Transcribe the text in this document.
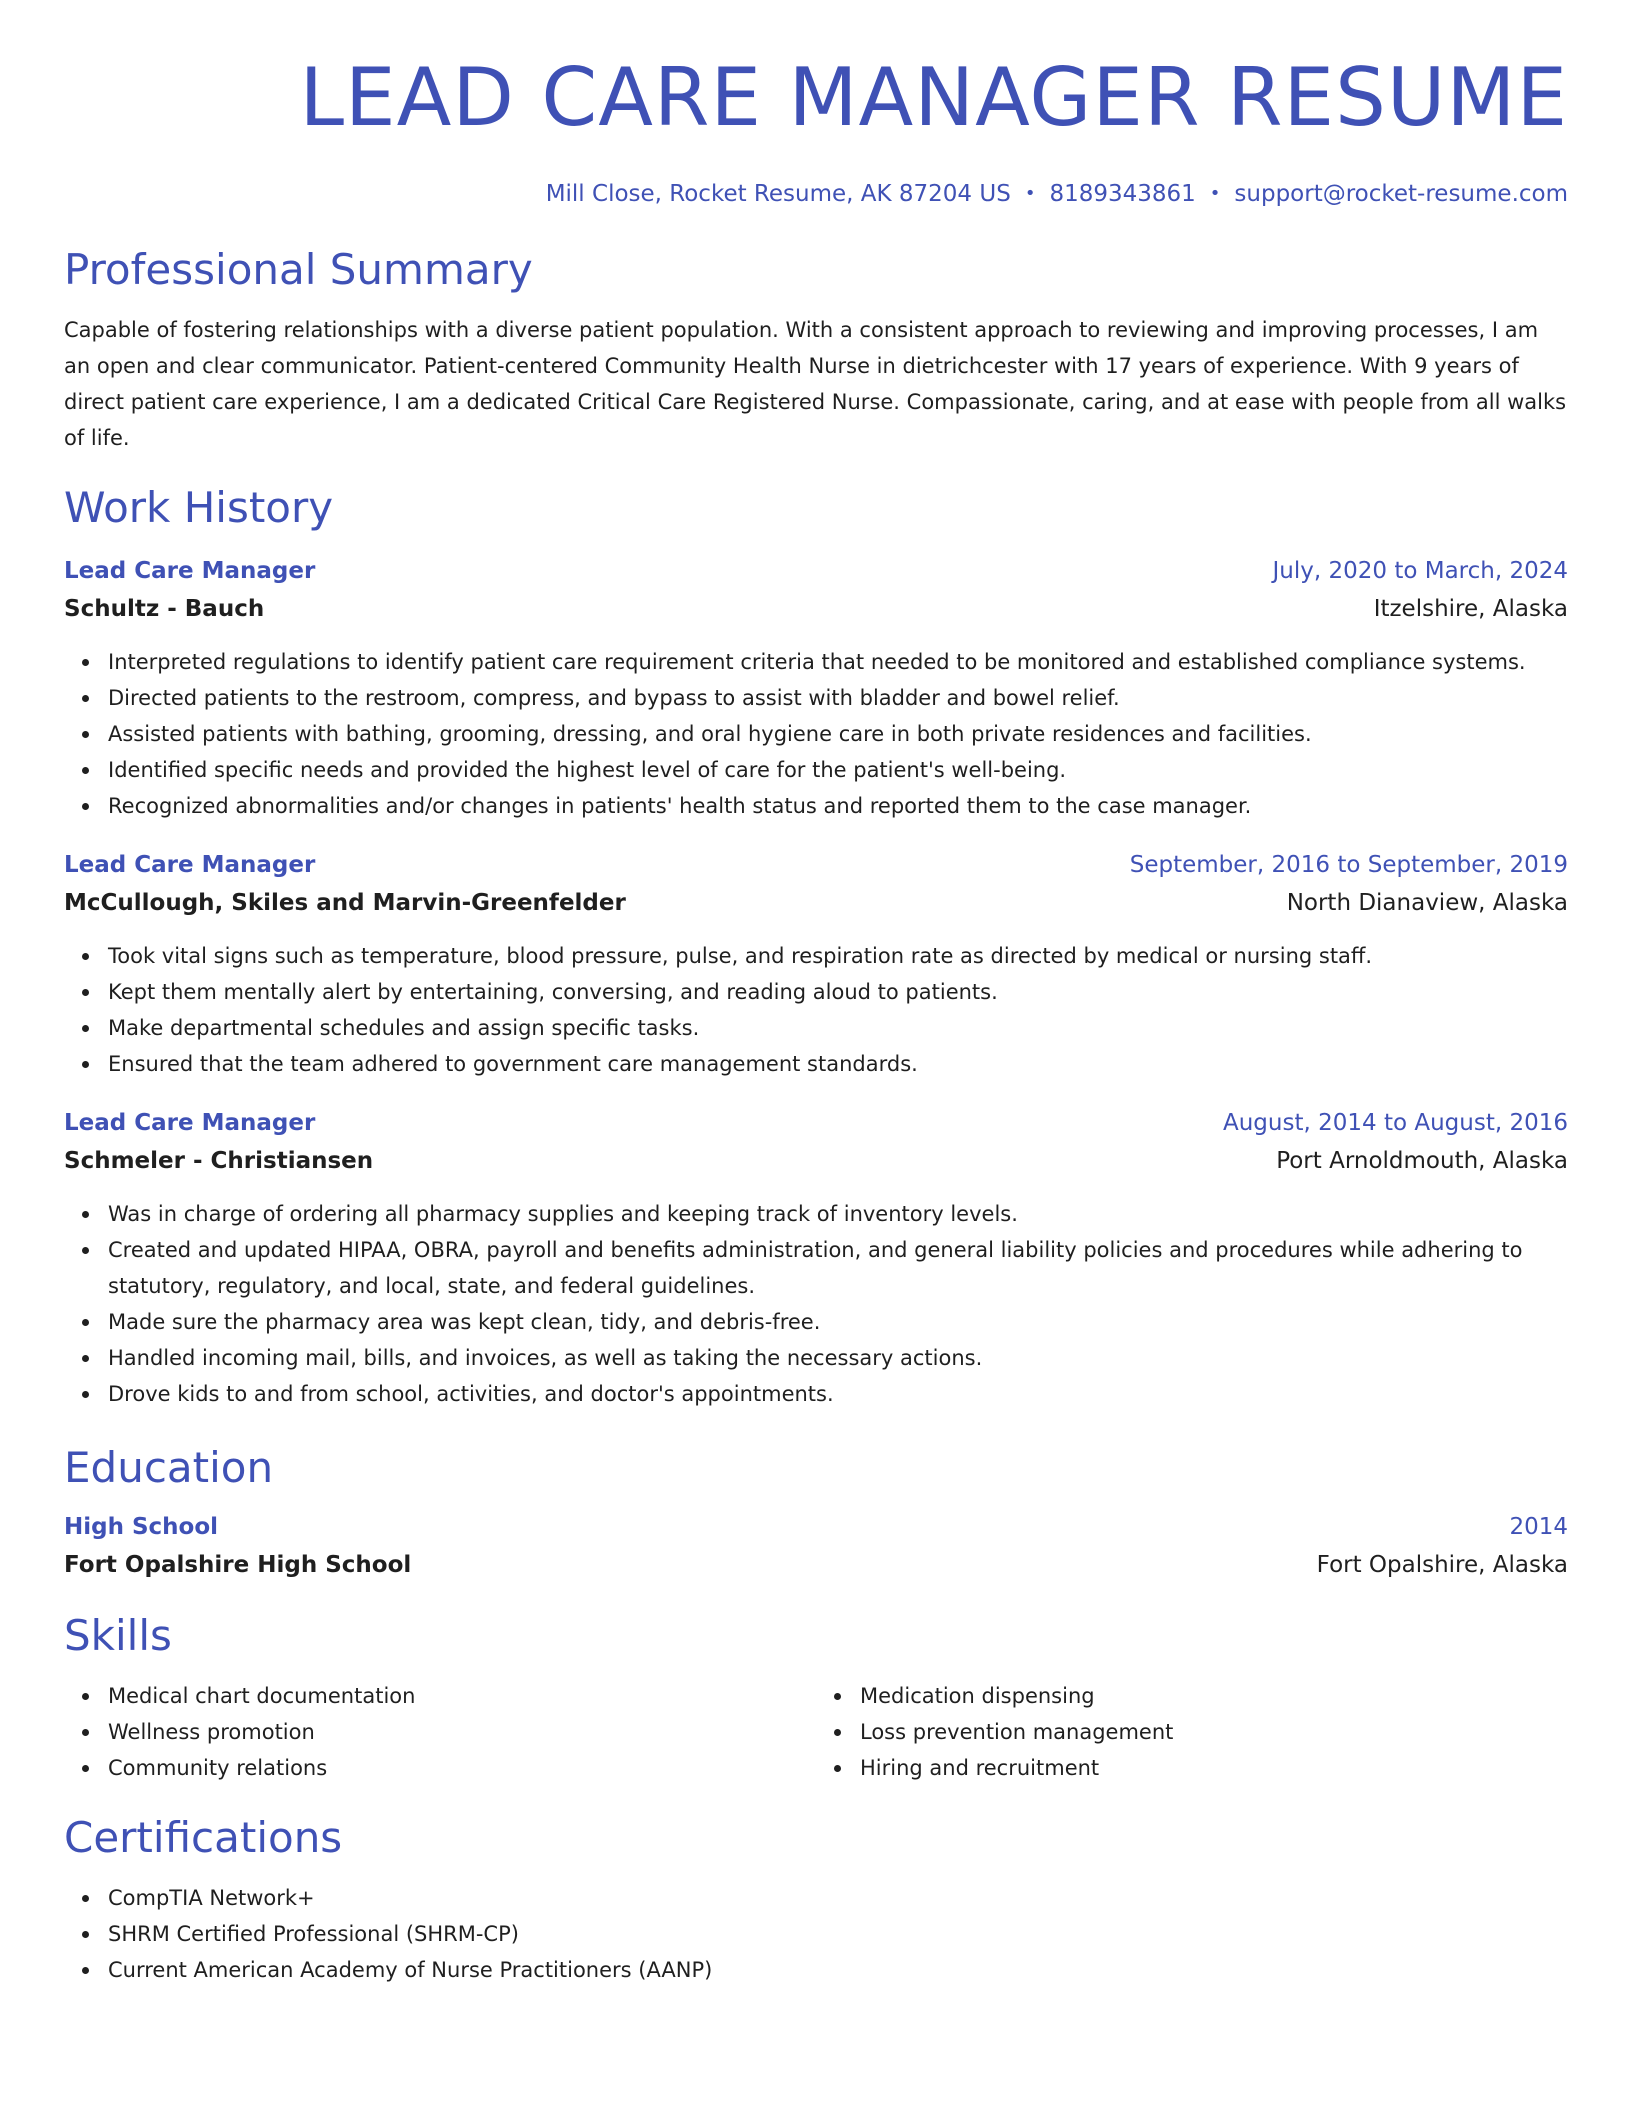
LEAD CARE MANAGER RESUME
Mill Close, Rocket Resume, AK 87204 US • 8189343861 • support@rocket-resume.com
Professional Summary
Capable of fostering relationships with a diverse patient population. With a consistent approach to reviewing and improving processes, I am an open and clear communicator. Patient-centered Community Health Nurse in dietrichcester with 17 years of experience. With 9 years of direct patient care experience, I am a dedicated Critical Care Registered Nurse. Compassionate, caring, and at ease with people from all walks of life.
Work History
Lead Care Manager	July, 2020 to March, 2024
Schultz - Bauch	Itzelshire, Alaska
Interpreted regulations to identify patient care requirement criteria that needed to be monitored and established compliance systems.
Directed patients to the restroom, compress, and bypass to assist with bladder and bowel relief.
Assisted patients with bathing, grooming, dressing, and oral hygiene care in both private residences and facilities.
Identified specific needs and provided the highest level of care for the patient's well-being.
Recognized abnormalities and/or changes in patients' health status and reported them to the case manager.
Lead Care Manager	September, 2016 to September, 2019
McCullough, Skiles and Marvin-Greenfelder	North Dianaview, Alaska
Took vital signs such as temperature, blood pressure, pulse, and respiration rate as directed by medical or nursing staff.
Kept them mentally alert by entertaining, conversing, and reading aloud to patients.
Make departmental schedules and assign specific tasks.
Ensured that the team adhered to government care management standards.
Lead Care Manager	August, 2014 to August, 2016
Schmeler - Christiansen	Port Arnoldmouth, Alaska
Was in charge of ordering all pharmacy supplies and keeping track of inventory levels.
Created and updated HIPAA, OBRA, payroll and benefits administration, and general liability policies and procedures while adhering to statutory, regulatory, and local, state, and federal guidelines.
Made sure the pharmacy area was kept clean, tidy, and debris-free.
Handled incoming mail, bills, and invoices, as well as taking the necessary actions.
Drove kids to and from school, activities, and doctor's appointments.
Education
High School	2014
Fort Opalshire High School	Fort Opalshire, Alaska
Skills
Medical chart documentation
Wellness promotion
Community relations
Medication dispensing
Loss prevention management
Hiring and recruitment
Certifications
CompTIA Network+
SHRM Certified Professional (SHRM-CP)
Current American Academy of Nurse Practitioners (AANP)
